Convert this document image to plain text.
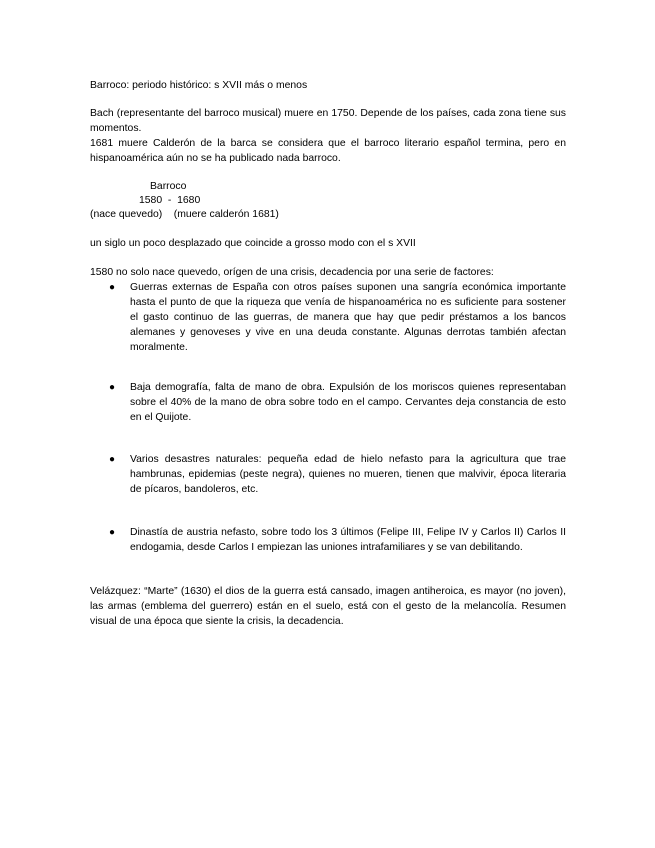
Barroco: periodo histórico: s XVII más o menos

Bach (representante del barroco musical) muere en 1750. Depende de los países, cada zona tiene sus momentos.

1681 muere Calderón de la barca se considera que el barroco literario español termina, pero en hispanoamérica aún no se ha publicado nada barroco.

Barroco
1580  -  1680
(nace quevedo)    (muere calderón 1681)

un siglo un poco desplazado que coincide a grosso modo con el s XVII

1580 no solo nace quevedo, orígen de una crisis, decadencia por una serie de factores:

● Guerras externas de España con otros países suponen una sangría económica importante hasta el punto de que la riqueza que venía de hispanoamérica no es suficiente para sostener el gasto continuo de las guerras, de manera que hay que pedir préstamos a los bancos alemanes y genoveses y vive en una deuda constante. Algunas derrotas también afectan moralmente.
● Baja demografía, falta de mano de obra. Expulsión de los moriscos quienes representaban sobre el 40% de la mano de obra sobre todo en el campo. Cervantes deja constancia de esto en el Quijote.
● Varios desastres naturales: pequeña edad de hielo nefasto para la agricultura que trae hambrunas, epidemias (peste negra), quienes no mueren, tienen que malvivir, época literaria de pícaros, bandoleros, etc.
● Dinastía de austria nefasto, sobre todo los 3 últimos (Felipe III, Felipe IV y Carlos II) Carlos II endogamia, desde Carlos I empiezan las uniones intrafamiliares y se van debilitando.

Velázquez: “Marte” (1630) el dios de la guerra está cansado, imagen antiheroica, es mayor (no joven), las armas (emblema del guerrero) están en el suelo, está con el gesto de la melancolía. Resumen visual de una época que siente la crisis, la decadencia.
